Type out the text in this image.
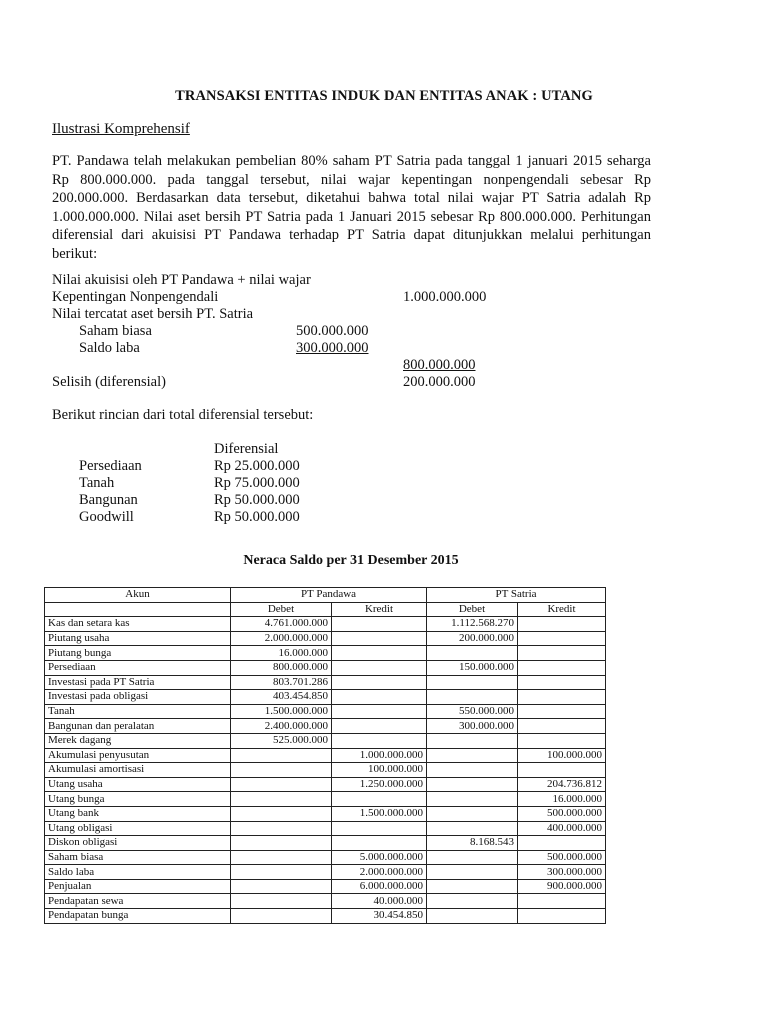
TRANSAKSI ENTITAS INDUK DAN ENTITAS ANAK : UTANG
Ilustrasi Komprehensif
PT. Pandawa telah melakukan pembelian 80% saham PT Satria pada tanggal 1 januari 2015 seharga Rp 800.000.000. pada tanggal tersebut, nilai wajar kepentingan nonpengendali sebesar Rp 200.000.000. Berdasarkan data tersebut, diketahui bahwa total nilai wajar PT Satria adalah Rp 1.000.000.000. Nilai aset bersih PT Satria pada 1 Januari 2015 sebesar Rp 800.000.000. Perhitungan diferensial dari akuisisi PT Pandawa terhadap PT Satria dapat ditunjukkan melalui perhitungan berikut:
Nilai akuisisi oleh PT Pandawa + nilai wajar
Kepentingan Nonpengendali	1.000.000.000
Nilai tercatat aset bersih PT. Satria
Saham biasa	500.000.000
Saldo laba	300.000.000
800.000.000
Selisih (diferensial)	200.000.000
Berikut rincian dari total diferensial tersebut:
Diferensial
Persediaan	Rp 25.000.000
Tanah	Rp 75.000.000
Bangunan	Rp 50.000.000
Goodwill	Rp 50.000.000
Neraca Saldo per 31 Desember 2015
Akun	PT Pandawa		PT Satria	
	Debet	Kredit	Debet	Kredit
Kas dan setara kas	4.761.000.000		1.112.568.270	
Piutang usaha	2.000.000.000		200.000.000	
Piutang bunga	16.000.000			
Persediaan	800.000.000		150.000.000	
Investasi pada PT Satria	803.701.286			
Investasi pada obligasi	403.454.850			
Tanah	1.500.000.000		550.000.000	
Bangunan dan peralatan	2.400.000.000		300.000.000	
Merek dagang	525.000.000			
Akumulasi penyusutan		1.000.000.000		100.000.000
Akumulasi amortisasi		100.000.000		
Utang usaha		1.250.000.000		204.736.812
Utang bunga				16.000.000
Utang bank		1.500.000.000		500.000.000
Utang obligasi				400.000.000
Diskon obligasi			8.168.543	
Saham biasa		5.000.000.000		500.000.000
Saldo laba		2.000.000.000		300.000.000
Penjualan		6.000.000.000		900.000.000
Pendapatan sewa		40.000.000		
Pendapatan bunga		30.454.850		
